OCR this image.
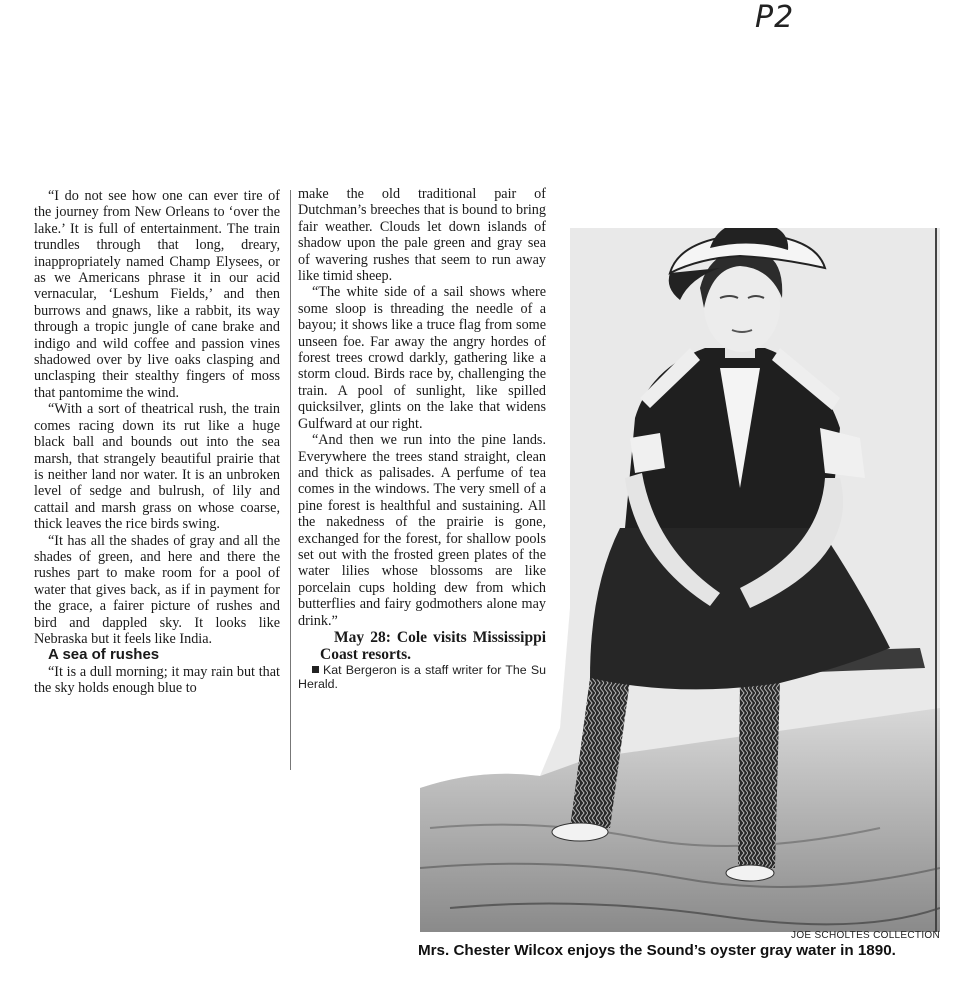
P2

“I do not see how one can ever tire of the journey from New Orleans to ‘over the lake.’ It is full of entertainment. The train trundles through that long, dreary, inappropriately named Champ Elysees, or as we Americans phrase it in our acid vernacular, ‘Leshum Fields,’ and then burrows and gnaws, like a rabbit, its way through a tropic jungle of cane brake and indigo and wild coffee and passion vines shadowed over by live oaks clasping and unclasping their stealthy fingers of moss that pantomime the wind.

“With a sort of theatrical rush, the train comes racing down its rut like a huge black ball and bounds out into the sea marsh, that strangely beautiful prairie that is neither land nor water. It is an unbroken level of sedge and bulrush, of lily and cattail and marsh grass on whose coarse, thick leaves the rice birds swing.

“It has all the shades of gray and all the shades of green, and here and there the rushes part to make room for a pool of water that gives back, as if in payment for the grace, a fairer picture of rushes and bird and dappled sky. It looks like Nebraska but it feels like India.

A sea of rushes

“It is a dull morning; it may rain but that the sky holds enough blue to

make the old traditional pair of Dutchman’s breeches that is bound to bring fair weather. Clouds let down islands of shadow upon the pale green and gray sea of wavering rushes that seem to run away like timid sheep.

“The white side of a sail shows where some sloop is threading the needle of a bayou; it shows like a truce flag from some unseen foe. Far away the angry hordes of forest trees crowd darkly, gathering like a storm cloud. Birds race by, challenging the train. A pool of sunlight, like spilled quicksilver, glints on the lake that widens Gulfward at our right.

“And then we run into the pine lands. Everywhere the trees stand straight, clean and thick as palisades. A perfume of tea comes in the windows. The very smell of a pine forest is healthful and sustaining. All the nakedness of the prairie is gone, exchanged for the forest, for shallow pools set out with the frosted green plates of the water lilies whose blossoms are like porcelain cups holding dew from which butterflies and fairy godmothers alone may drink.”

May 28: Cole visits Mississippi Coast resorts.

Kat Bergeron is a staff writer for The Su Herald.

JOE SCHOLTES COLLECTION
Mrs. Chester Wilcox enjoys the Sound’s oyster gray water in 1890.
